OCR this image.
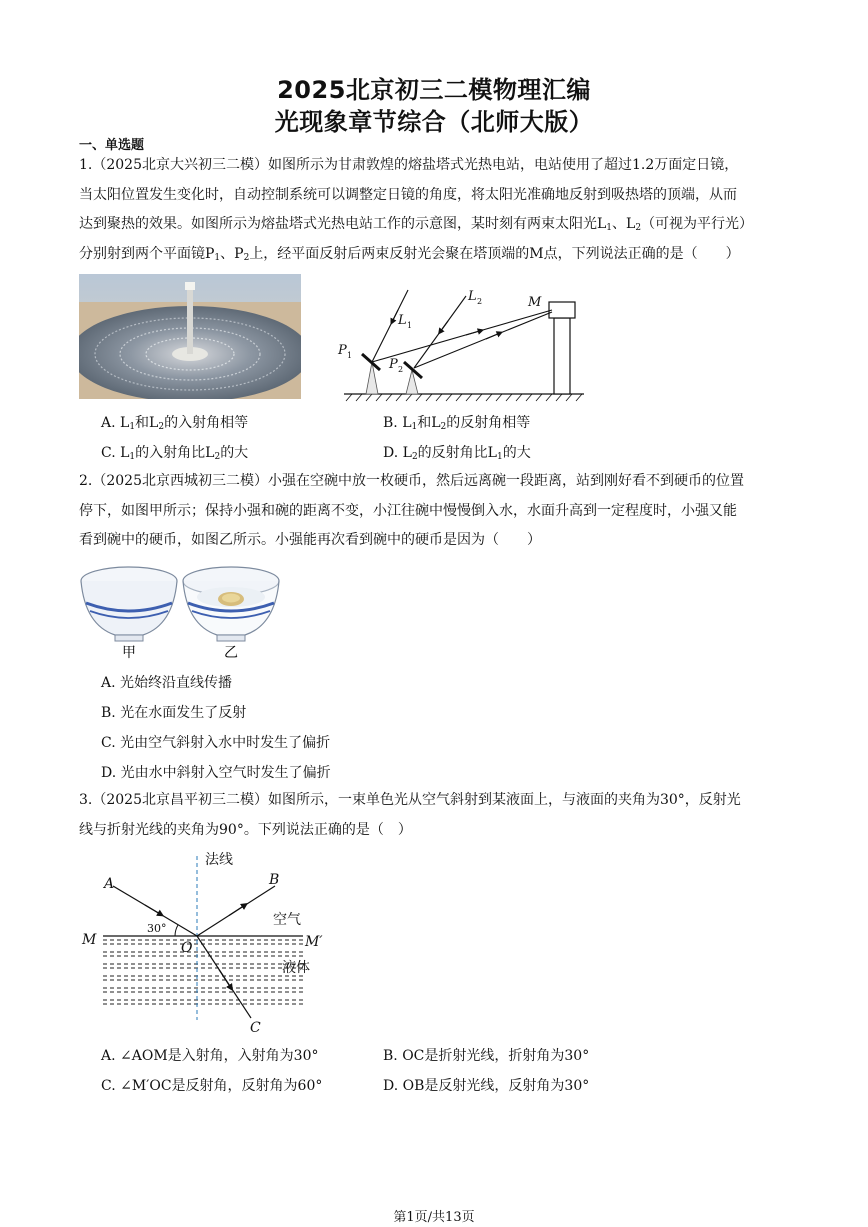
2025北京初三二模物理汇编
光现象章节综合（北师大版）
一、单选题
1.（2025北京大兴初三二模）如图所示为甘肃敦煌的熔盐塔式光热电站，电站使用了超过1.2万面定日镜，
当太阳位置发生变化时，自动控制系统可以调整定日镜的角度，将太阳光准确地反射到吸热塔的顶端，从而
达到聚热的效果。如图所示为熔盐塔式光热电站工作的示意图，某时刻有两束太阳光$L_1$、$L_2$（可视为平行光）
分别射到两个平面镜$P_1$、$P_2$上，经平面反射后两束反射光会聚在塔顶端的M点，下列说法正确的是（　　）
M
L 1
L 2
P 1
P 2
A. $L_1$和$L_2$的入射角相等	B. $L_1$和$L_2$的反射角相等
C. $L_1$的入射角比$L_2$的大	D. $L_2$的反射角比$L_1$的大
2.（2025北京西城初三二模）小强在空碗中放一枚硬币，然后远离碗一段距离，站到刚好看不到硬币的位置
停下，如图甲所示；保持小强和碗的距离不变，小江往碗中慢慢倒入水，水面升高到一定程度时，小强又能
看到碗中的硬币，如图乙所示。小强能再次看到碗中的硬币是因为（　　）
甲	乙
A. 光始终沿直线传播
B. 光在水面发生了反射
C. 光由空气斜射入水中时发生了偏折
D. 光由水中斜射入空气时发生了偏折
3.（2025北京昌平初三二模）如图所示，一束单色光从空气斜射到某液面上，与液面的夹角为30°，反射光
线与折射光线的夹角为90°。下列说法正确的是（　）
法线
A	B
C
O
M	M′
空气
液体
30°
A. ∠AOM是入射角，入射角为30°	B. OC是折射光线，折射角为30°
C. ∠M′OC是反射角，反射角为60°	D. OB是反射光线，反射角为30°
第1页/共13页
